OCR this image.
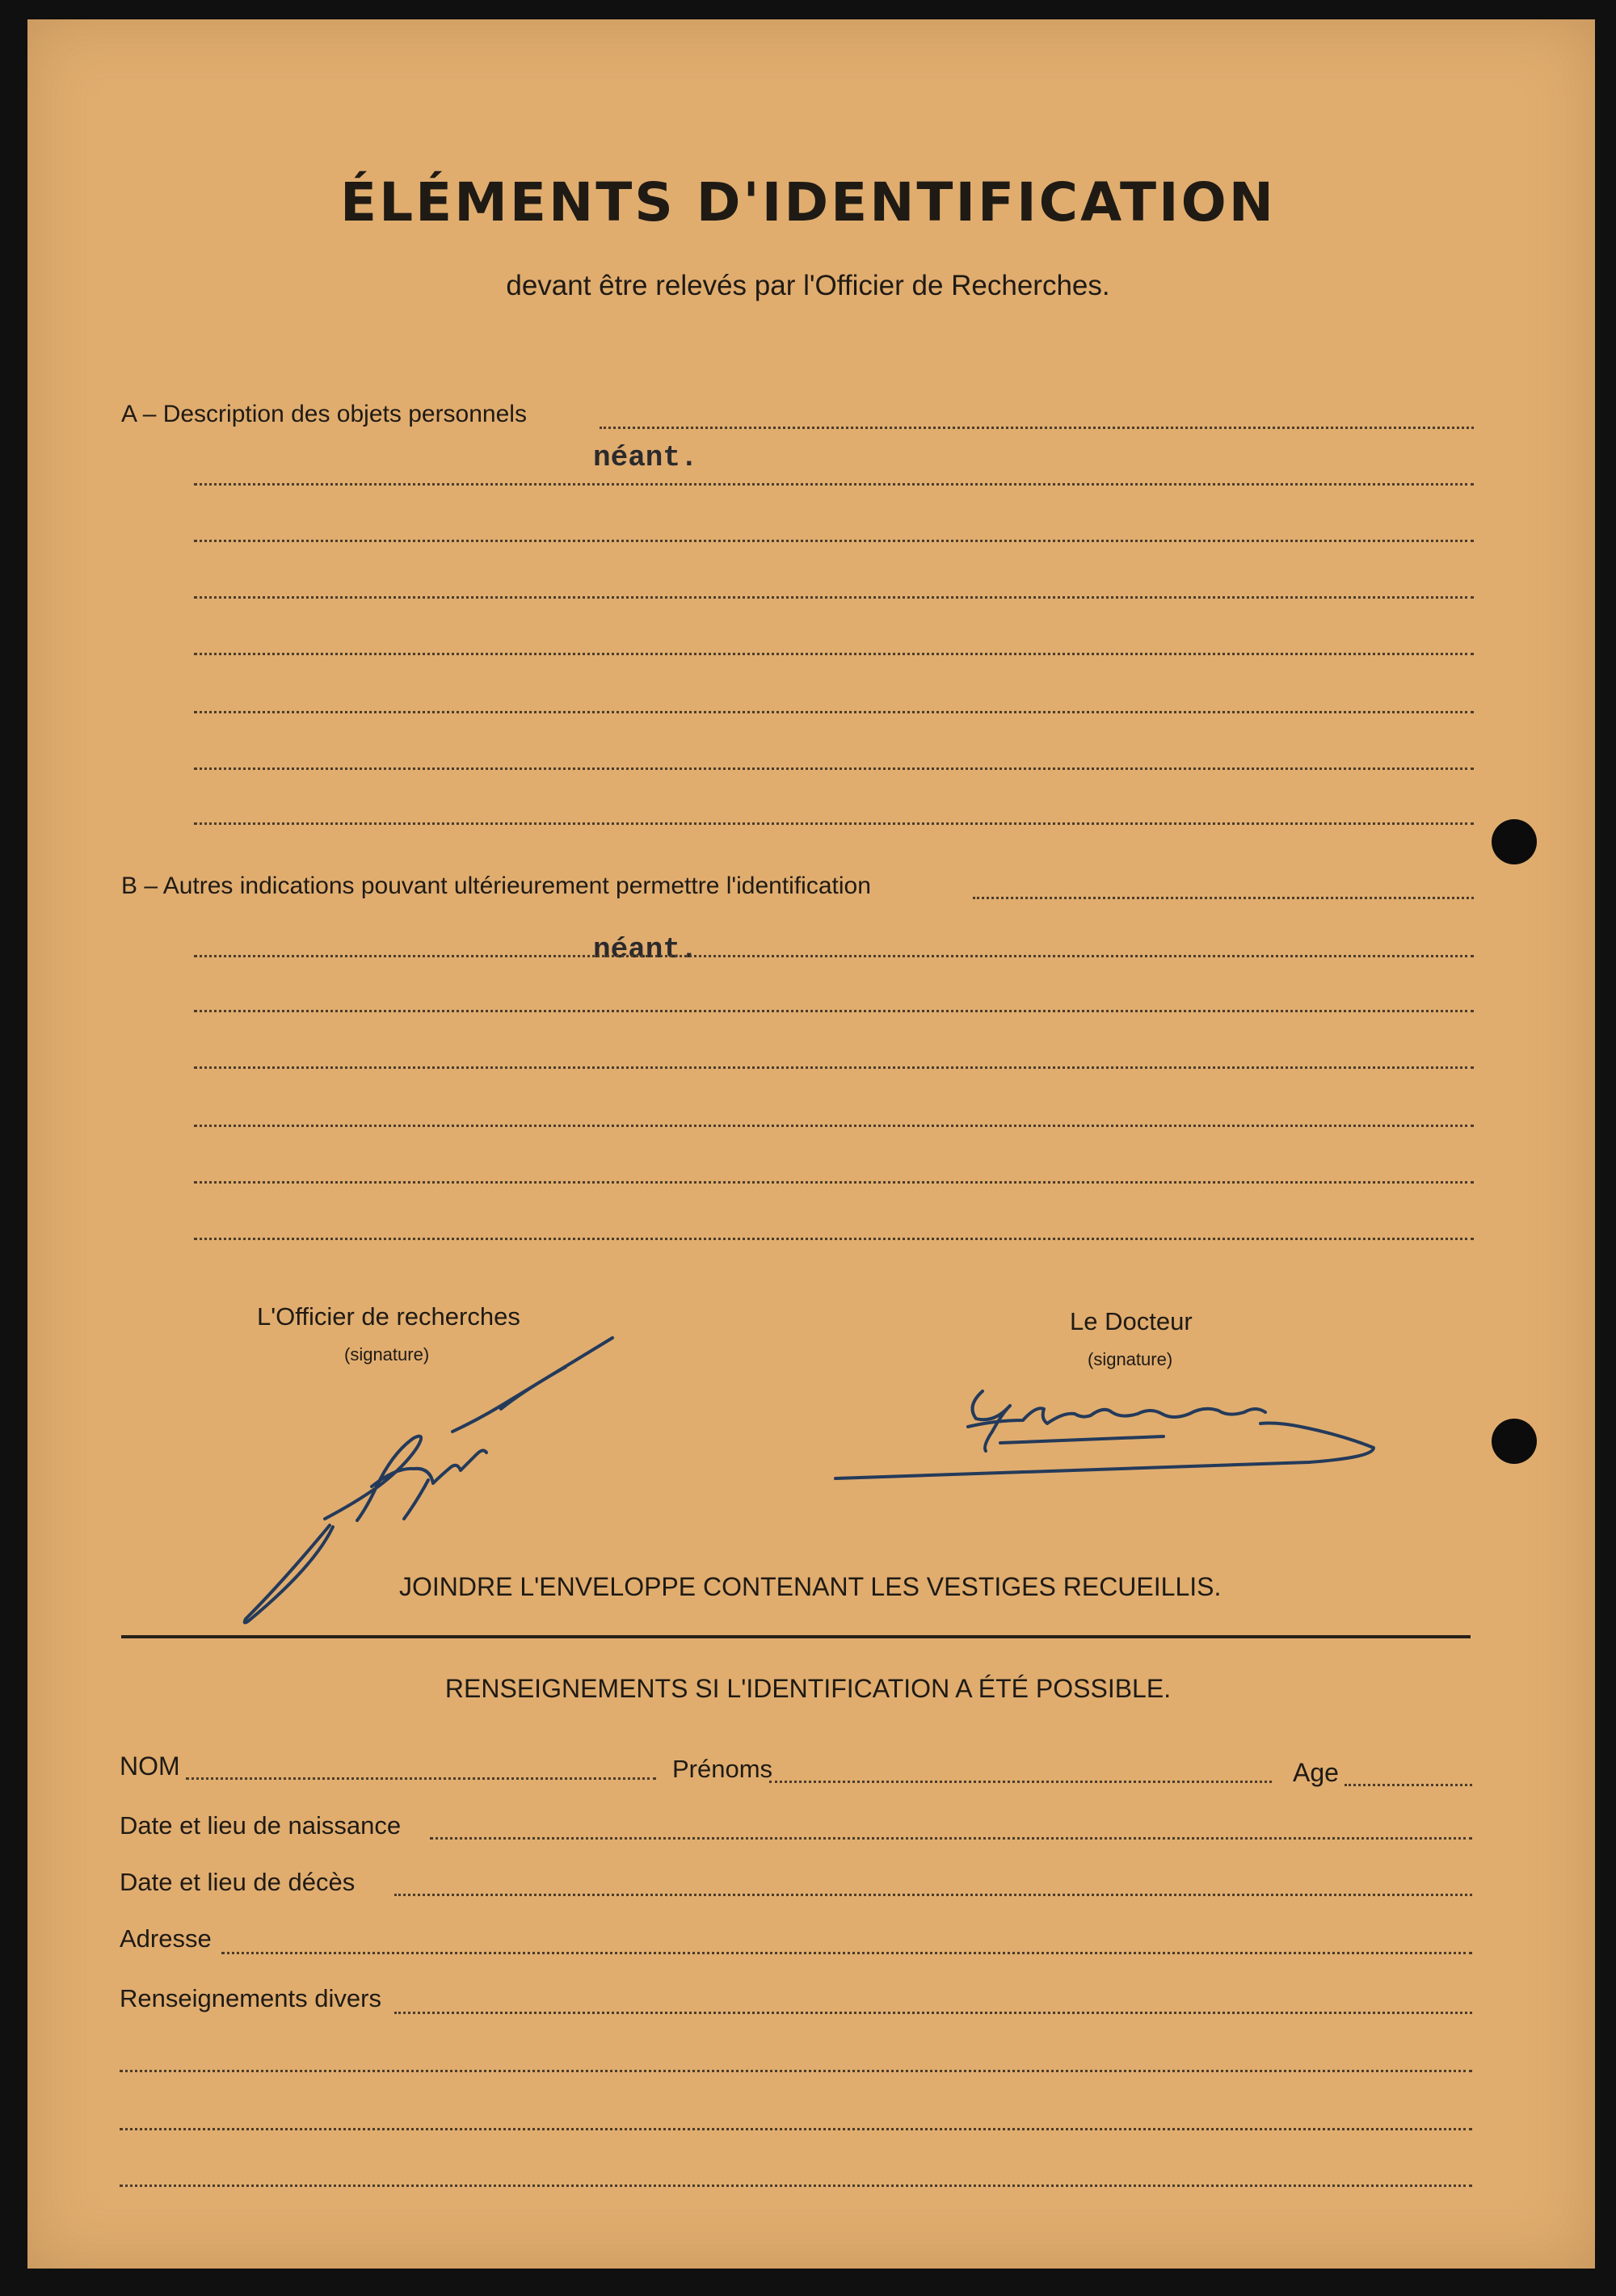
ÉLÉMENTS D'IDENTIFICATION
devant être relevés par l'Officier de Recherches.
A – Description des objets personnels
néant.
B – Autres indications pouvant ultérieurement permettre l'identification
néant.
L'Officier de recherches
(signature)
Le Docteur
(signature)
JOINDRE L'ENVELOPPE CONTENANT LES VESTIGES RECUEILLIS.
RENSEIGNEMENTS SI L'IDENTIFICATION A ÉTÉ POSSIBLE.
NOM	Prénoms	Age
Date et lieu de naissance
Date et lieu de décès
Adresse
Renseignements divers
